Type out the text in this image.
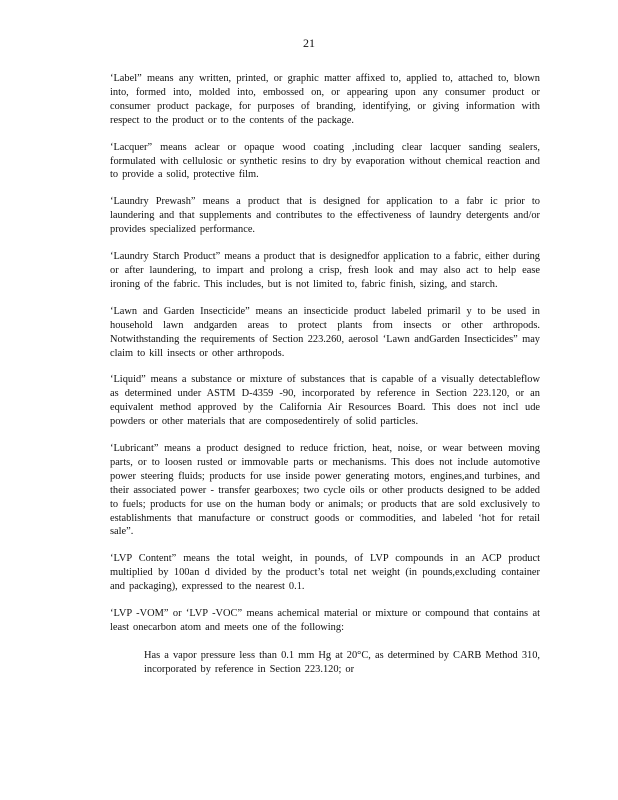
21

‘Label” means any written, printed, or graphic matter affixed to, applied to, attached to, blown into, formed into, molded into, embossed on, or appearing upon any consumer product or consumer product package, for purposes of branding, identifying, or giving information with respect to the product or to the contents of the package.

‘Lacquer” means aclear or opaque wood coating ,including clear lacquer sanding sealers, formulated with cellulosic or synthetic resins to dry by evaporation without chemical reaction and to provide a solid, protective film.

‘Laundry Prewash” means a product that is designed for application to a fabr ic prior to laundering and that supplements and contributes to the effectiveness of laundry detergents and/or provides specialized performance.

‘Laundry Starch Product” means a product that is designedfor application to a fabric, either during or after laundering, to impart and prolong a crisp, fresh look and may also act to help ease ironing of the fabric. This includes, but is not limited to, fabric finish, sizing, and starch.

‘Lawn and Garden Insecticide” means an insecticide product labeled primaril y to be used in household lawn andgarden areas to protect plants from insects or other arthropods. Notwithstanding the requirements of Section 223.260, aerosol ‘Lawn andGarden Insecticides” may claim to kill insects or other arthropods.

‘Liquid” means a substance or mixture of substances that is capable of a visually detectableflow as determined under ASTM D-4359 -90, incorporated by reference in Section 223.120, or an equivalent method approved by the California Air Resources Board. This does not incl ude powders or other materials that are composedentirely of solid particles.

‘Lubricant” means a product designed to reduce friction, heat, noise, or wear between moving parts, or to loosen rusted or immovable parts or mechanisms. This does not include automotive power steering fluids; products for use inside power generating motors, engines,and turbines, and their associated power - transfer gearboxes; two cycle oils or other products designed to be added to fuels; products for use on the human body or animals; or products that are sold exclusively to establishments that manufacture or construct goods or commodities, and labeled ‘hot for retail sale”.

‘LVP Content” means the total weight, in pounds, of LVP compounds in an ACP product multiplied by 100an d divided by the product’s total net weight (in pounds,excluding container and packaging), expressed to the nearest 0.1.

‘LVP -VOM” or ‘LVP -VOC” means achemical material or mixture or compound that contains at least onecarbon atom and meets one of the following:

Has a vapor pressure less than 0.1 mm Hg at 20°C, as determined by CARB Method 310, incorporated by reference in Section 223.120; or
